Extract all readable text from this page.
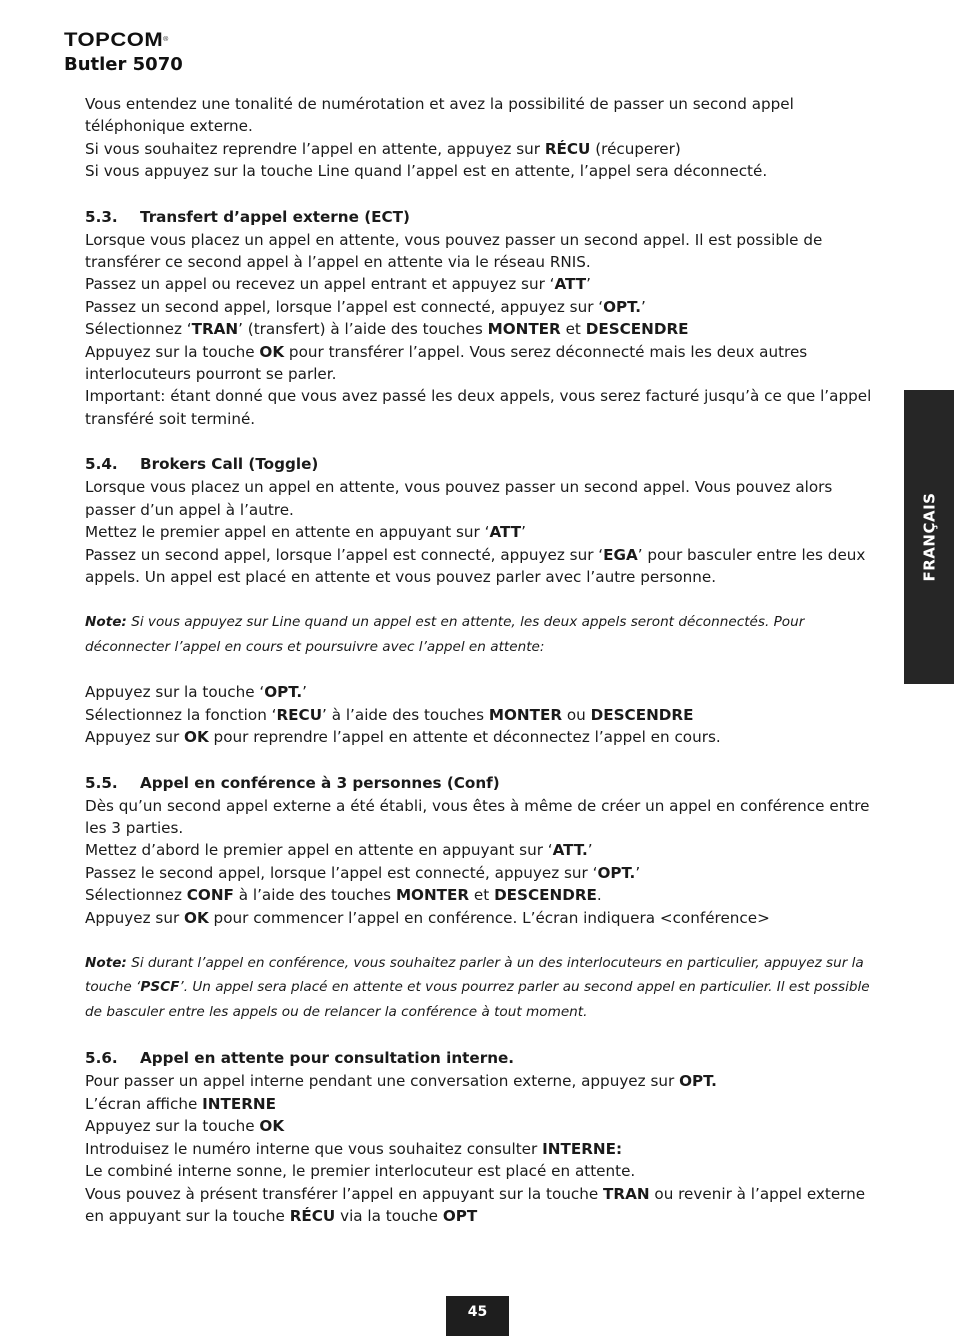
TOPCOM®
Butler 5070

Vous entendez une tonalité de numérotation et avez la possibilité de passer un second appel téléphonique externe.

Si vous souhaitez reprendre l’appel en attente, appuyez sur RÉCU (récuperer)

Si vous appuyez sur la touche Line quand l’appel est en attente, l’appel sera déconnecté.

5.3. Transfert d’appel externe (ECT)

Lorsque vous placez un appel en attente, vous pouvez passer un second appel. Il est possible de transférer ce second appel à l’appel en attente via le réseau RNIS.

Passez un appel ou recevez un appel entrant et appuyez sur ‘ATT’

Passez un second appel, lorsque l’appel est connecté, appuyez sur ‘OPT.’

Sélectionnez ‘TRAN’ (transfert) à l’aide des touches MONTER et DESCENDRE

Appuyez sur la touche OK pour transférer l’appel. Vous serez déconnecté mais les deux autres interlocuteurs pourront se parler.

Important: étant donné que vous avez passé les deux appels, vous serez facturé jusqu’à ce que l’appel transféré soit terminé.

5.4. Brokers Call (Toggle)

Lorsque vous placez un appel en attente, vous pouvez passer un second appel. Vous pouvez alors passer d’un appel à l’autre.

Mettez le premier appel en attente en appuyant sur ‘ATT’

Passez un second appel, lorsque l’appel est connecté, appuyez sur ‘EGA’ pour basculer entre les deux appels. Un appel est placé en attente et vous pouvez parler avec l’autre personne.

Note: Si vous appuyez sur Line quand un appel est en attente, les deux appels seront déconnectés. Pour déconnecter l’appel en cours et poursuivre avec l’appel en attente:

Appuyez sur la touche ‘OPT.’

Sélectionnez la fonction ‘RECU’ à l’aide des touches MONTER ou DESCENDRE

Appuyez sur OK pour reprendre l’appel en attente et déconnectez l’appel en cours.

5.5. Appel en conférence à 3 personnes (Conf)

Dès qu’un second appel externe a été établi, vous êtes à même de créer un appel en conférence entre les 3 parties.

Mettez d’abord le premier appel en attente en appuyant sur ‘ATT.’

Passez le second appel, lorsque l’appel est connecté, appuyez sur ‘OPT.’

Sélectionnez CONF à l’aide des touches MONTER et DESCENDRE.

Appuyez sur OK pour commencer l’appel en conférence. L’écran indiquera <conférence>

Note: Si durant l’appel en conférence, vous souhaitez parler à un des interlocuteurs en particulier, appuyez sur la touche ‘PSCF’. Un appel sera placé en attente et vous pourrez parler au second appel en particulier. Il est possible de basculer entre les appels ou de relancer la conférence à tout moment.

5.6. Appel en attente pour consultation interne.

Pour passer un appel interne pendant une conversation externe, appuyez sur OPT.

L’écran affiche INTERNE

Appuyez sur la touche OK

Introduisez le numéro interne que vous souhaitez consulter INTERNE:

Le combiné interne sonne, le premier interlocuteur est placé en attente.

Vous pouvez à présent transférer l’appel en appuyant sur la touche TRAN ou revenir à l’appel externe en appuyant sur la touche RÉCU via la touche OPT

FRANÇAIS
45
